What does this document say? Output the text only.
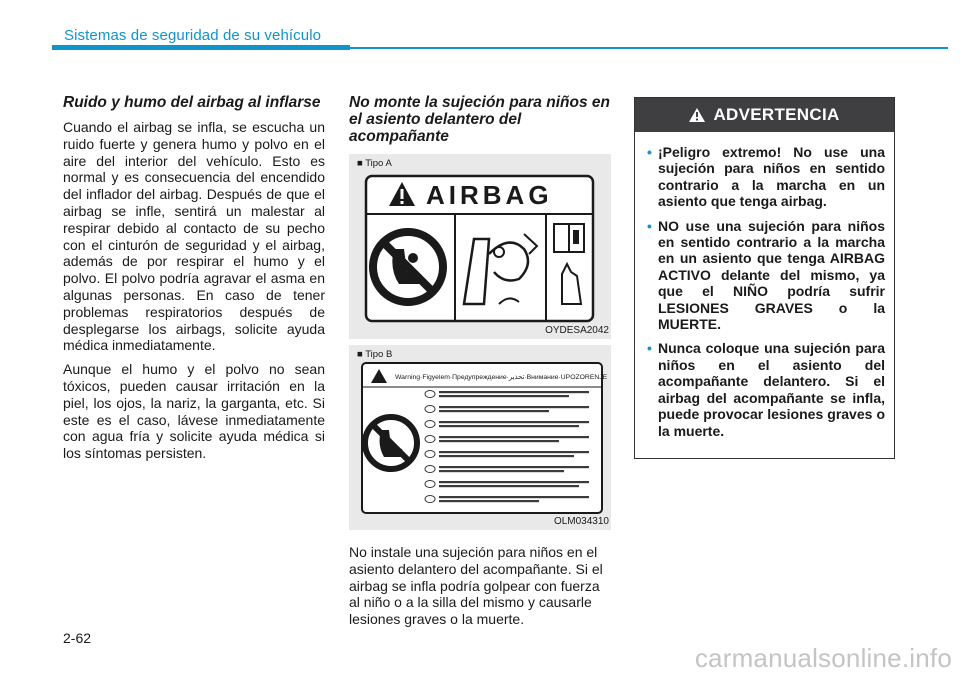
Sistemas de seguridad de su vehículo
Ruido y humo del airbag al inflarse

Cuando el airbag se infla, se escucha un ruido fuerte y genera humo y polvo en el aire del interior del vehículo. Esto es normal y es consecuencia del encendido del inflador del airbag. Después de que el airbag se infle, sentirá un malestar al respirar debido al contacto de su pecho con el cinturón de seguridad y el airbag, además de por respirar el humo y el polvo. El polvo podría agravar el asma en algunas personas. En caso de tener problemas respiratorios después de desplegarse los airbags, solicite ayuda médica inmediatamente.

Aunque el humo y el polvo no sean tóxicos, pueden causar irritación en la piel, los ojos, la nariz, la garganta, etc. Si este es el caso, lávese inmediatamente con agua fría y solicite ayuda médica si los síntomas persisten.

No monte la sujeción para niños en el asiento delantero del acompañante
■ Tipo A
AIRBAG
OYDESA2042
■ Tipo B
Warning·Figyelem·Предупреждение·تحذير·Внимание·UPOZORENJE
OLM034310

No instale una sujeción para niños en el asiento delantero del acompañante. Si el airbag se infla podría golpear con fuerza al niño o a la silla del mismo y causarle lesiones graves o la muerte.

ADVERTENCIA
• ¡Peligro extremo! No use una sujeción para niños en sentido contrario a la marcha en un asiento que tenga airbag.
• NO use una sujeción para niños en sentido contrario a la marcha en un asiento que tenga AIRBAG ACTIVO delante del mismo, ya que el NIÑO podría sufrir LESIONES GRAVES o la MUERTE.
• Nunca coloque una sujeción para niños en el asiento del acompañante delantero. Si el airbag del acompañante se infla, puede provocar lesiones graves o la muerte.
2-62
carmanualsonline.info
